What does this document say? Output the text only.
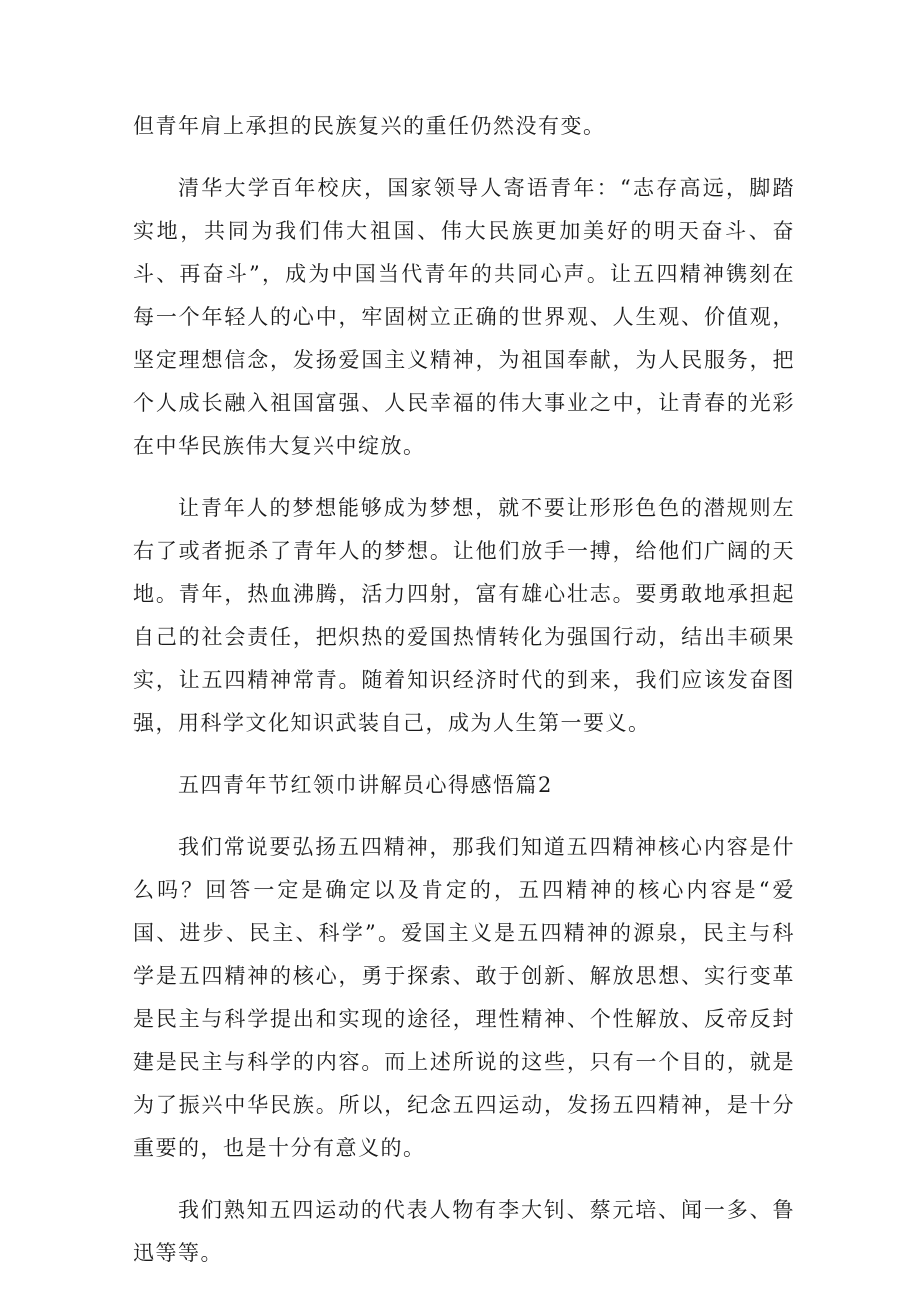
但青年肩上承担的民族复兴的重任仍然没有变。

清华大学百年校庆，国家领导人寄语青年：“志存高远，脚踏实地，共同为我们伟大祖国、伟大民族更加美好的明天奋斗、奋斗、再奋斗”，成为中国当代青年的共同心声。让五四精神镌刻在每一个年轻人的心中，牢固树立正确的世界观、人生观、价值观，坚定理想信念，发扬爱国主义精神，为祖国奉献，为人民服务，把个人成长融入祖国富强、人民幸福的伟大事业之中，让青春的光彩在中华民族伟大复兴中绽放。

让青年人的梦想能够成为梦想，就不要让形形色色的潜规则左右了或者扼杀了青年人的梦想。让他们放手一搏，给他们广阔的天地。青年，热血沸腾，活力四射，富有雄心壮志。要勇敢地承担起自己的社会责任，把炽热的爱国热情转化为强国行动，结出丰硕果实，让五四精神常青。随着知识经济时代的到来，我们应该发奋图强，用科学文化知识武装自己，成为人生第一要义。

五四青年节红领巾讲解员心得感悟篇2

我们常说要弘扬五四精神，那我们知道五四精神核心内容是什么吗？回答一定是确定以及肯定的，五四精神的核心内容是“爱国、进步、民主、科学”。爱国主义是五四精神的源泉，民主与科学是五四精神的核心，勇于探索、敢于创新、解放思想、实行变革是民主与科学提出和实现的途径，理性精神、个性解放、反帝反封建是民主与科学的内容。而上述所说的这些，只有一个目的，就是为了振兴中华民族。所以，纪念五四运动，发扬五四精神，是十分重要的，也是十分有意义的。

我们熟知五四运动的代表人物有李大钊、蔡元培、闻一多、鲁迅等等。
